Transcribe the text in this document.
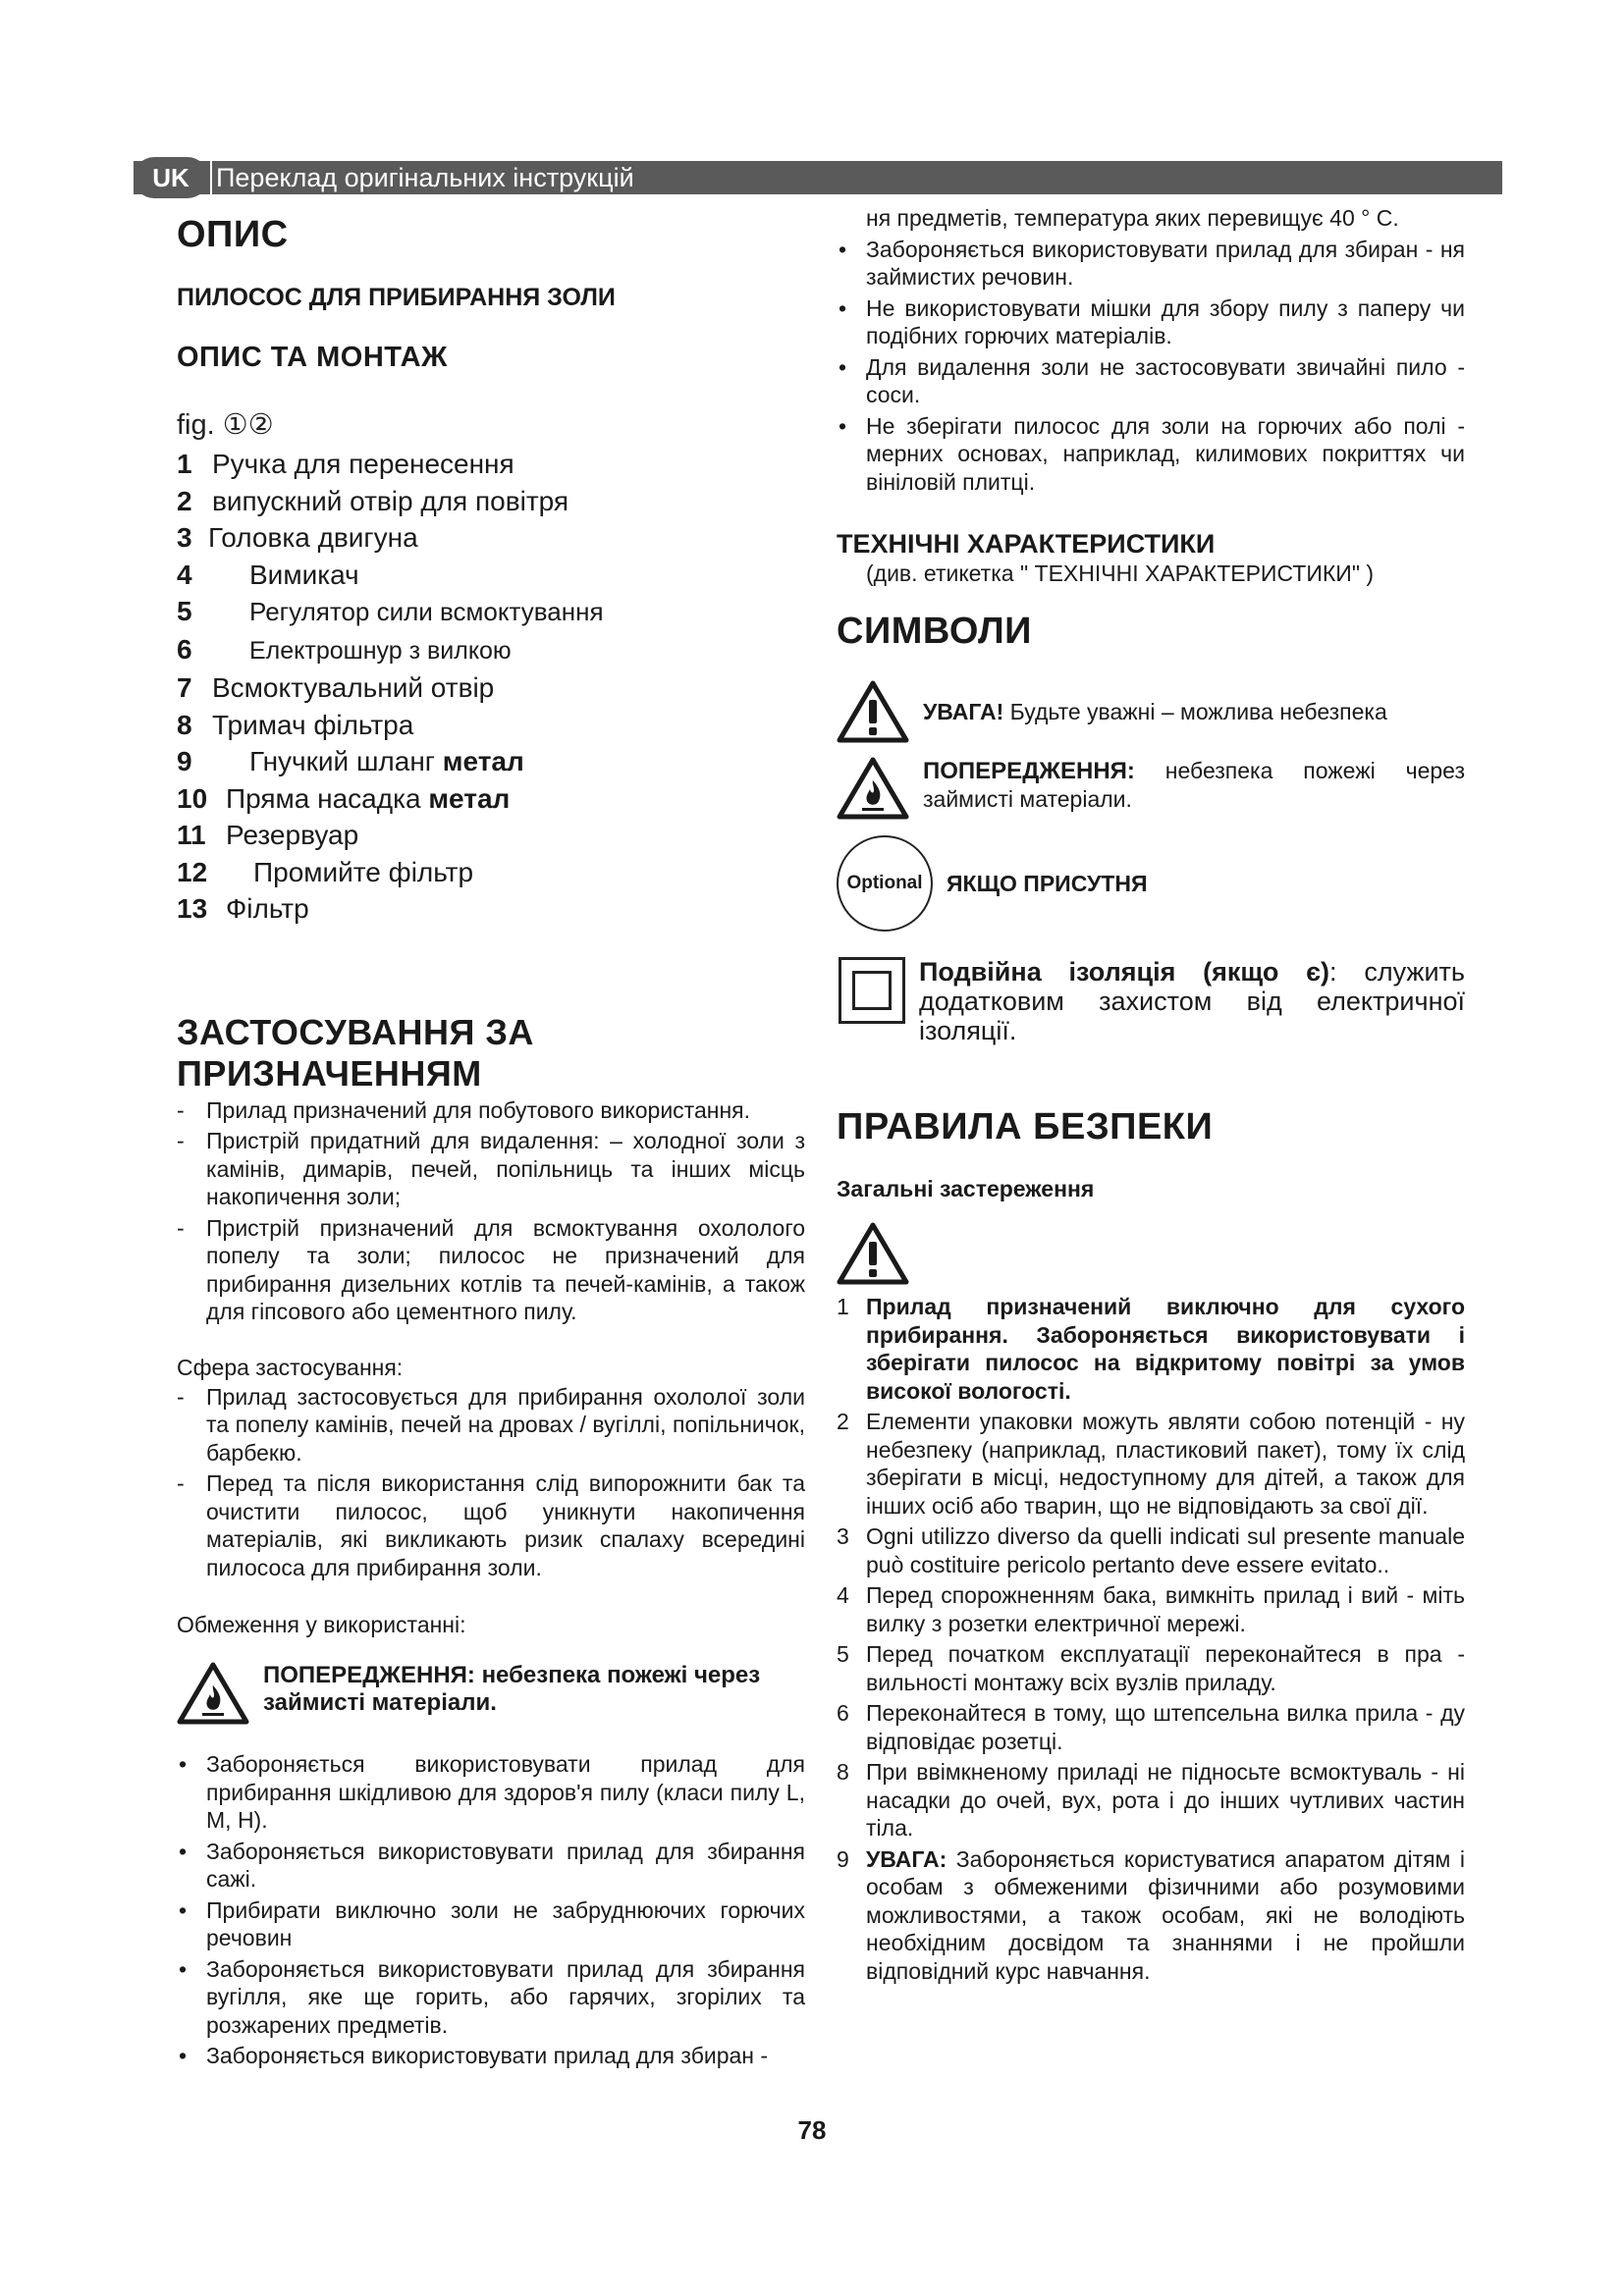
UK	Переклад оригінальних інструкцій
ОПИС
ПИЛОСОС ДЛЯ ПРИБИРАННЯ ЗОЛИ
ОПИС ТА МОНТАЖ
fig. ①②
1 Ручка для перенесення
2 випускний отвір для повітря
3 Головка двигуна
4 Вимикач
5 Регулятор сили всмоктування
6 Електрошнур з вилкою
7 Всмоктувальний отвір
8 Тримач фільтра
9 Гнучкий шланг метал
10 Пряма насадка метал
11 Резервуар
12 Промийте фільтр
13 Фільтр
ЗАСТОСУВАННЯ ЗА ПРИЗНАЧЕННЯМ
- Прилад призначений для побутового використання.
- Пристрій придатний для видалення: – холодної золи з камінів, димарів, печей, попільниць та інших місць накопичення золи;
- Пристрій призначений для всмоктування охололого попелу та золи; пилосос не призначений для прибирання дизельних котлів та печей-камінів, а також для гіпсового або цементного пилу.

Сфера застосування:

- Прилад застосовується для прибирання охололої золи та попелу камінів, печей на дровах / вугіллі, попільничок, барбекю.
- Перед та після використання слід випорожнити бак та очистити пилосос, щоб уникнути накопичення матеріалів, які викликають ризик спалаху всередині пилососа для прибирання золи.

Обмеження у використанні:

ПОПЕРЕДЖЕННЯ: небезпека пожежі через займисті матеріали.
• Забороняється використовувати прилад для прибирання шкідливою для здоров'я пилу (класи пилу L, M, H).
• Забороняється використовувати прилад для збирання сажі.
• Прибирати виключно золи не забруднюючих горючих речовин
• Забороняється використовувати прилад для збирання вугілля, яке ще горить, або гарячих, згорілих та розжарених предметів.
• Забороняється використовувати прилад для збиран -
ня предметів, температура яких перевищує 40 ° C.
• Забороняється використовувати прилад для збиран - ня займистих речовин.
• Не використовувати мішки для збору пилу з паперу чи подібних горючих матеріалів.
• Для видалення золи не застосовувати звичайні пило - соси.
• Не зберігати пилосос для золи на горючих або полі - мерних основах, наприклад, килимових покриттях чи вініловій плитці.
ТЕХНІЧНІ ХАРАКТЕРИСТИКИ

(див. етикетка " ТЕХНІЧНІ ХАРАКТЕРИСТИКИ" )

СИМВОЛИ
УВАГА! Будьте уважні – можлива небезпека
ПОПЕРЕДЖЕННЯ: небезпека пожежі через займисті матеріали.
Optional	ЯКЩО ПРИСУТНЯ
Подвійна ізоляція (якщо є): служить додатковим захистом від електричної ізоляції.
ПРАВИЛА БЕЗПЕКИ
Загальні застереження
1 Прилад призначений виключно для сухого прибирання. Забороняється використовувати і зберігати пилосос на відкритому повітрі за умов високої вологості.
2 Елементи упаковки можуть являти собою потенцій - ну небезпеку (наприклад, пластиковий пакет), тому їх слід зберігати в місці, недоступному для дітей, а також для інших осіб або тварин, що не відповідають за свої дії.
3 Ogni utilizzo diverso da quelli indicati sul presente manuale può costituire pericolo pertanto deve essere evitato..
4 Перед спорожненням бака, вимкніть прилад і вий - міть вилку з розетки електричної мережі.
5 Перед початком експлуатації переконайтеся в пра - вильності монтажу всіх вузлів приладу.
6 Переконайтеся в тому, що штепсельна вилка прила - ду відповідає розетці.
8 При ввімкненому приладі не підносьте всмоктуваль - ні насадки до очей, вух, рота і до інших чутливих частин тіла.
9 УВАГА: Забороняється користуватися апаратом дітям і особам з обмеженими фізичними або розумовими можливостями, а також особам, які не володіють необхідним досвідом та знаннями і не пройшли відповідний курс навчання.
78
